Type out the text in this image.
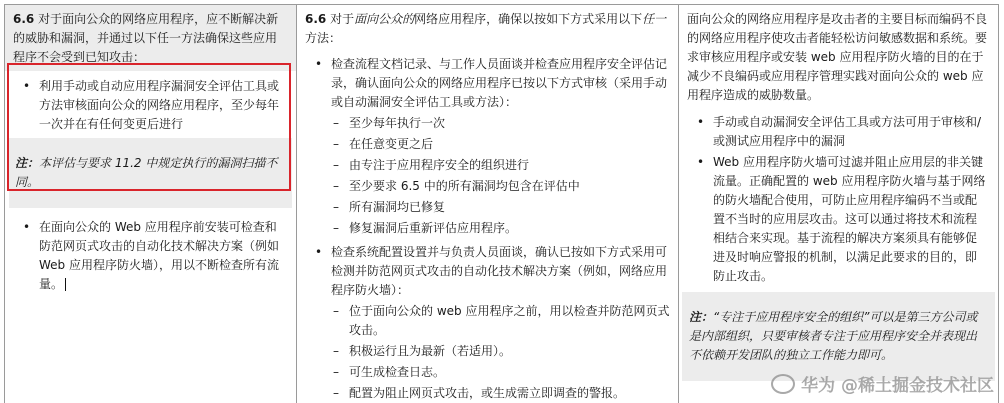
6.6 对于面向公众的网络应用程序，应不断解决新的威胁和漏洞，并通过以下任一方法确保这些应用程序不会受到已知攻击：

• 利用手动或自动应用程序漏洞安全评估工具或方法审核面向公众的网络应用程序，至少每年一次并在有任何变更后进行

注：本评估与要求 11.2 中规定执行的漏洞扫描不同。

• 在面向公众的 Web 应用程序前安装可检查和防范网页式攻击的自动化技术解决方案（例如 Web 应用程序防火墙），用以不断检查所有流量。

6.6 对于面向公众的网络应用程序，确保以按如下方式采用以下任一方法：

• 检查流程文档记录、与工作人员面谈并检查应用程序安全评估记录，确认面向公众的网络应用程序已按以下方式审核（采用手动或自动漏洞安全评估工具或方法）：
– 至少每年执行一次
– 在任意变更之后
– 由专注于应用程序安全的组织进行
– 至少要求 6.5 中的所有漏洞均包含在评估中
– 所有漏洞均已修复
– 修复漏洞后重新评估应用程序。
• 检查系统配置设置并与负责人员面谈，确认已按如下方式采用可检测并防范网页式攻击的自动化技术解决方案（例如，网络应用程序防火墙）：
– 位于面向公众的 web 应用程序之前，用以检查并防范网页式攻击。
– 积极运行且为最新（若适用）。
– 可生成检查日志。
– 配置为阻止网页式攻击，或生成需立即调查的警报。

面向公众的网络应用程序是攻击者的主要目标而编码不良的网络应用程序使攻击者能轻松访问敏感数据和系统。要求审核应用程序或安装 web 应用程序防火墙的目的在于减少不良编码或应用程序管理实践对面向公众的 web 应用程序造成的威胁数量。

• 手动或自动漏洞安全评估工具或方法可用于审核和/或测试应用程序中的漏洞
• Web 应用程序防火墙可过滤并阻止应用层的非关键流量。正确配置的 web 应用程序防火墙与基于网络的防火墙配合使用，可防止应用程序编码不当或配置不当时的应用层攻击。这可以通过将技术和流程相结合来实现。基于流程的解决方案须具有能够促进及时响应警报的机制，以满足此要求的目的，即防止攻击。

注：“专注于应用程序安全的组织”可以是第三方公司或是内部组织，只要审核者专注于应用程序安全并表现出不依赖开发团队的独立工作能力即可。

华为 @稀土掘金技术社区
